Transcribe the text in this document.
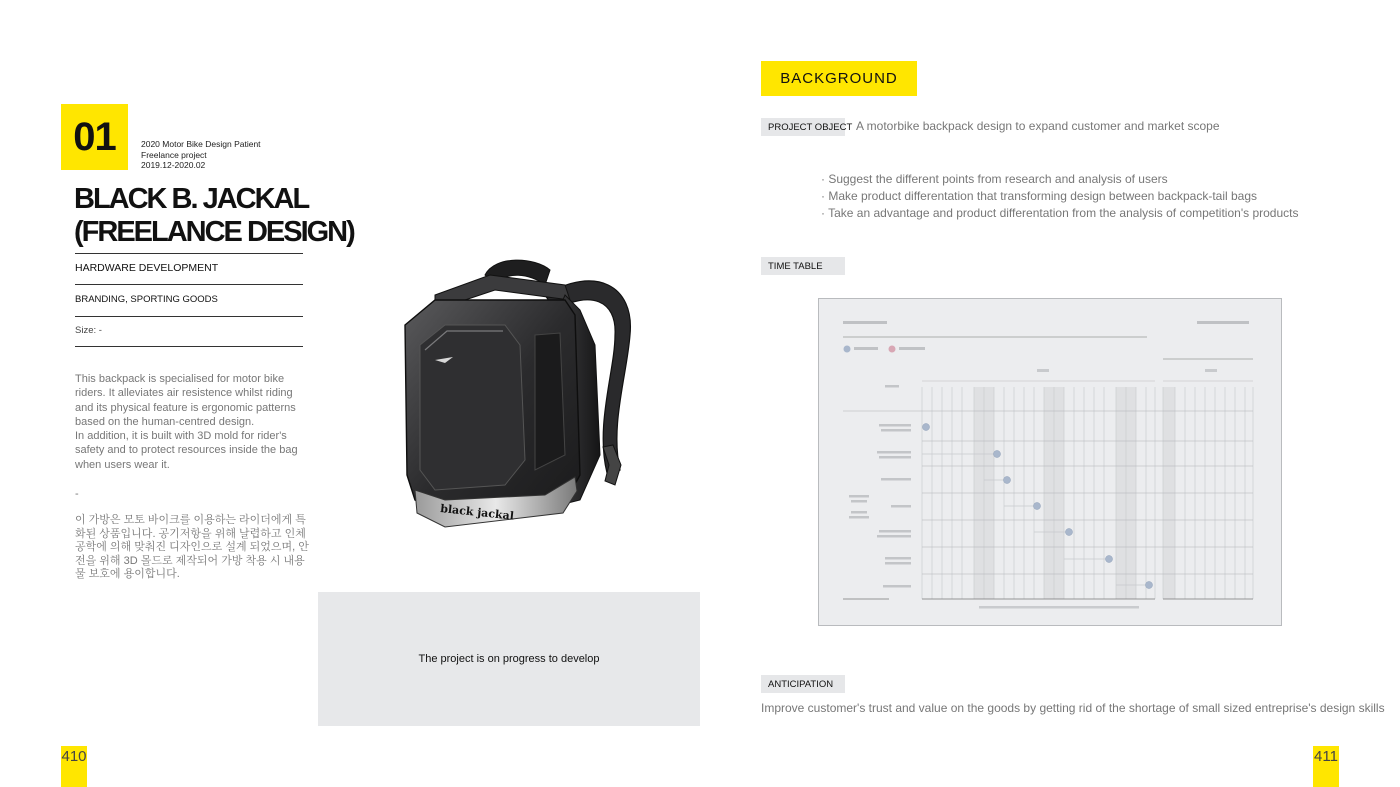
01	2020 Motor Bike Design Patient
Freelance project
2019.12-2020.02
BLACK B. JACKAL
(FREELANCE DESIGN)
HARDWARE DEVELOPMENT
BRANDING, SPORTING GOODS
Size: -

This backpack is specialised for motor bike riders. It alleviates air resistence whilst riding and its physical feature is ergonomic patterns based on the human-centred design.

In addition, it is built with 3D mold for rider's safety and to protect resources inside the bag when users wear it.

-
이 가방은 모토 바이크를 이용하는 라이더에게 특화된 상품입니다. 공기저항을 위해 날렵하고 인체공학에 의해 맞춰진 디자인으로 설계 되었으며, 안전을 위해 3D 몰드로 제작되어 가방 착용 시 내용물 보호에 용이합니다.
410
black jackal
The project is on progress to develop
BACKGROUND
PROJECT OBJECT A motorbike backpack design to expand customer and market scope
· Suggest the different points from research and analysis of users
· Make product differentation that transforming design between backpack-tail bags
· Take an advantage and product differentation from the analysis of competition's products
TIME TABLE
ANTICIPATION
Improve customer's trust and value on the goods by getting rid of the shortage of small sized entreprise's design skills
411
